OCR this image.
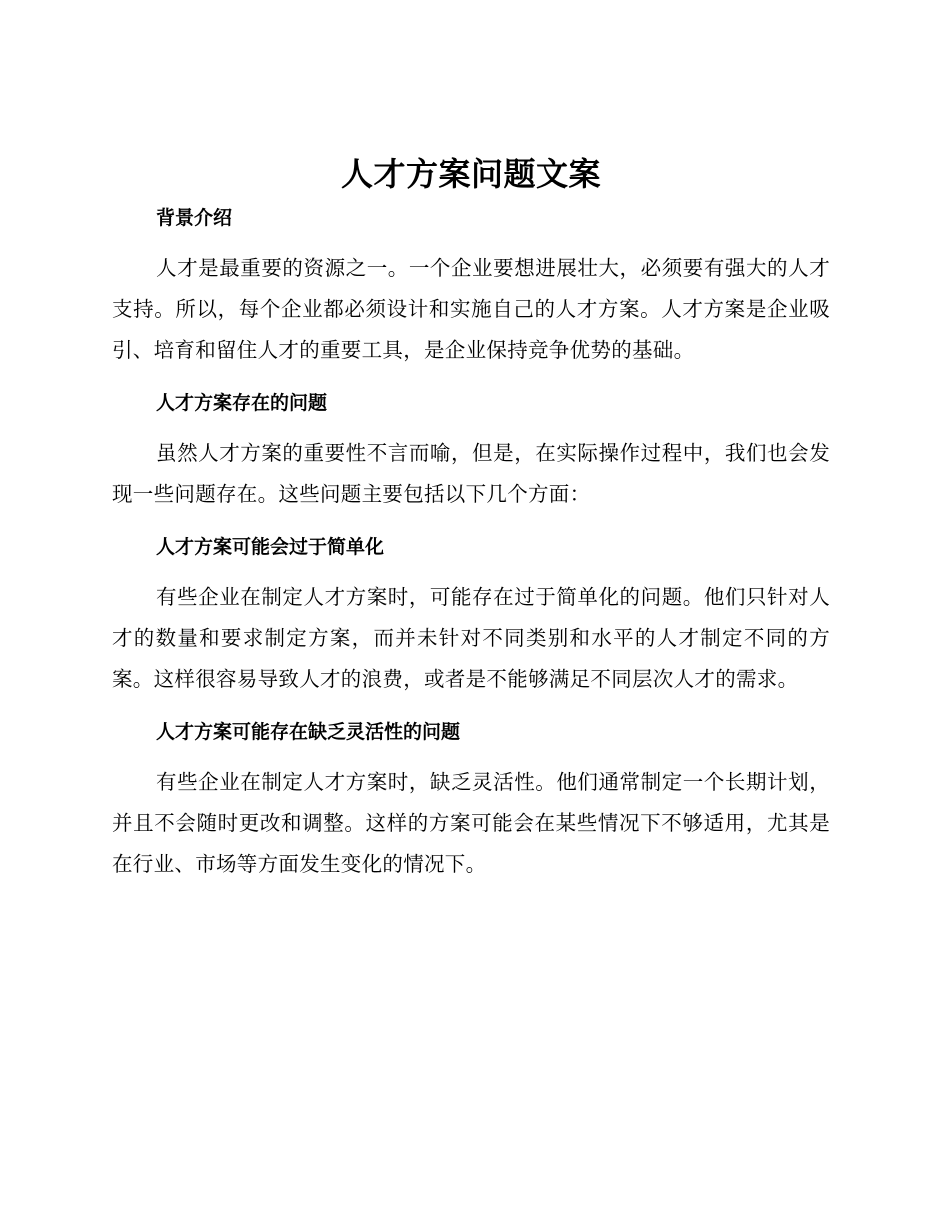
人才方案问题文案
背景介绍

人才是最重要的资源之一。一个企业要想进展壮大，必须要有强大的人才支持。所以，每个企业都必须设计和实施自己的人才方案。人才方案是企业吸引、培育和留住人才的重要工具，是企业保持竞争优势的基础。

人才方案存在的问题

虽然人才方案的重要性不言而喻，但是，在实际操作过程中，我们也会发现一些问题存在。这些问题主要包括以下几个方面：

人才方案可能会过于简单化

有些企业在制定人才方案时，可能存在过于简单化的问题。他们只针对人才的数量和要求制定方案，而并未针对不同类别和水平的人才制定不同的方案。这样很容易导致人才的浪费，或者是不能够满足不同层次人才的需求。

人才方案可能存在缺乏灵活性的问题

有些企业在制定人才方案时，缺乏灵活性。他们通常制定一个长期计划，并且不会随时更改和调整。这样的方案可能会在某些情况下不够适用，尤其是在行业、市场等方面发生变化的情况下。
